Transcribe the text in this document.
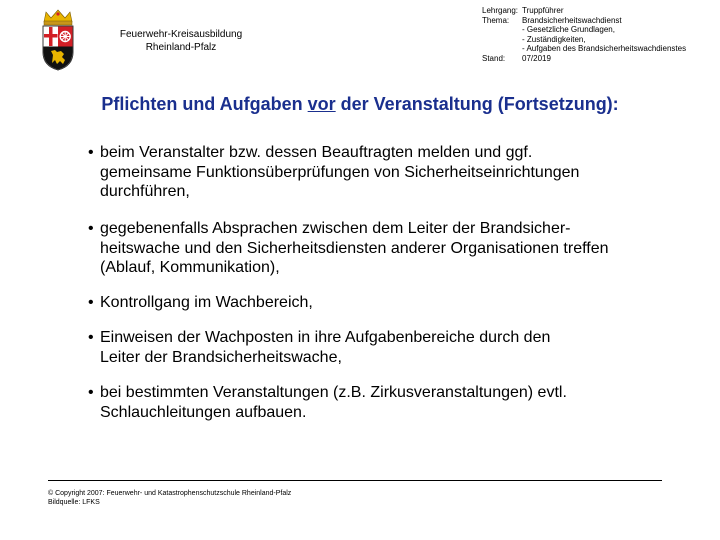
Feuerwehr-Kreisausbildung
Rheinland-Pfalz
Lehrgang: Truppführer
Thema:	Brandsicherheitswachdienst
- Gesetzliche Grundlagen,
- Zuständigkeiten,
- Aufgaben des Brandsicherheitswachdienstes
Stand:	07/2019
Pflichten und Aufgaben vor der Veranstaltung (Fortsetzung):
• beim Veranstalter bzw. dessen Beauftragten melden und ggf.
gemeinsame Funktionsüberprüfungen von Sicherheitseinrichtungen
durchführen,
• gegebenenfalls Absprachen zwischen dem Leiter der Brandsicher-
heitswache und den Sicherheitsdiensten anderer Organisationen treffen
(Ablauf, Kommunikation),
• Kontrollgang im Wachbereich,
• Einweisen der Wachposten in ihre Aufgabenbereiche durch den
Leiter der Brandsicherheitswache,
• bei bestimmten Veranstaltungen (z.B. Zirkusveranstaltungen) evtl.
Schlauchleitungen aufbauen.
© Copyright 2007: Feuerwehr- und Katastrophenschutzschule Rheinland-Pfalz
Bildquelle: LFKS
